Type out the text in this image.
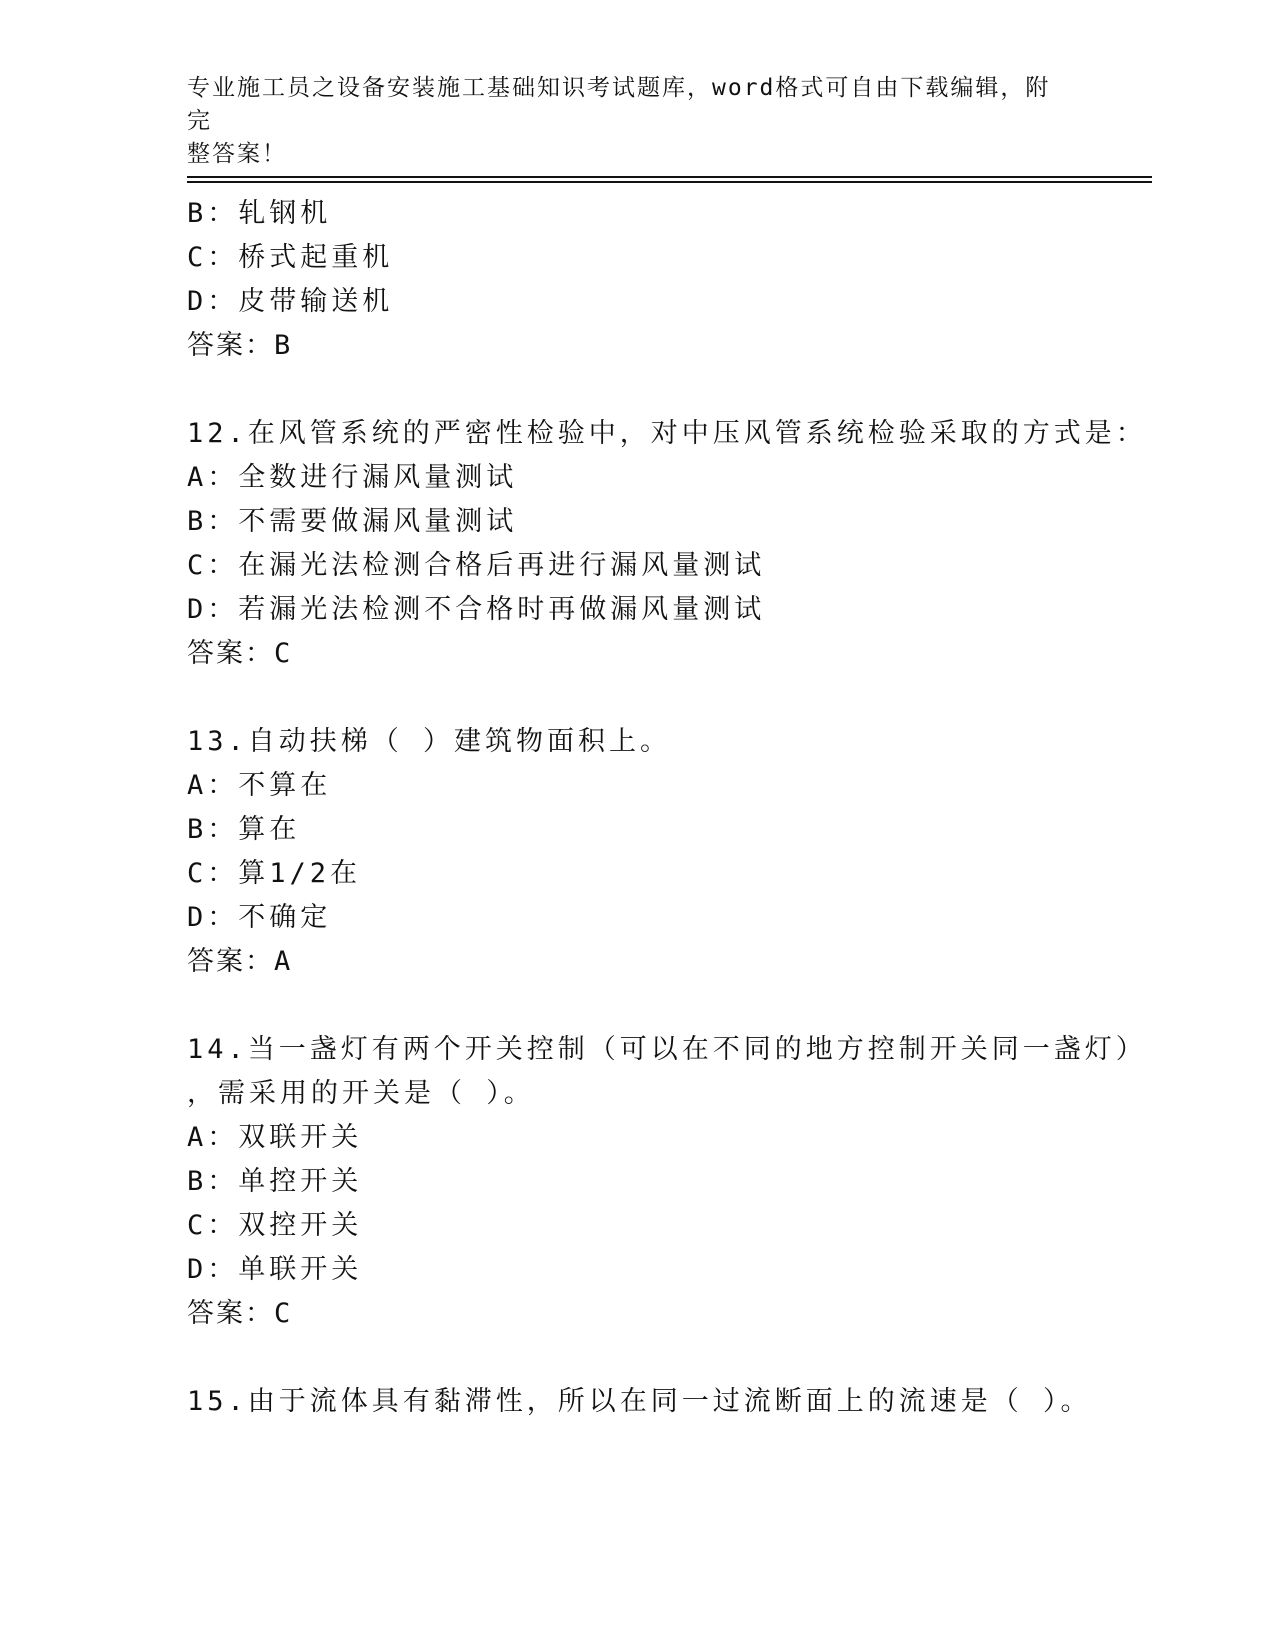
专业施工员之设备安装施工基础知识考试题库，word格式可自由下载编辑，附完
整答案！
B：轧钢机
C：桥式起重机
D：皮带输送机
答案：B
12.在风管系统的严密性检验中，对中压风管系统检验采取的方式是：
A：全数进行漏风量测试
B：不需要做漏风量测试
C：在漏光法检测合格后再进行漏风量测试
D：若漏光法检测不合格时再做漏风量测试
答案：C
13.自动扶梯（ ）建筑物面积上。
A：不算在
B：算在
C：算1/2在
D：不确定
答案：A
14.当一盏灯有两个开关控制（可以在不同的地方控制开关同一盏灯）
，需采用的开关是（ ）。
A：双联开关
B：单控开关
C：双控开关
D：单联开关
答案：C
15.由于流体具有黏滞性，所以在同一过流断面上的流速是（ ）。
